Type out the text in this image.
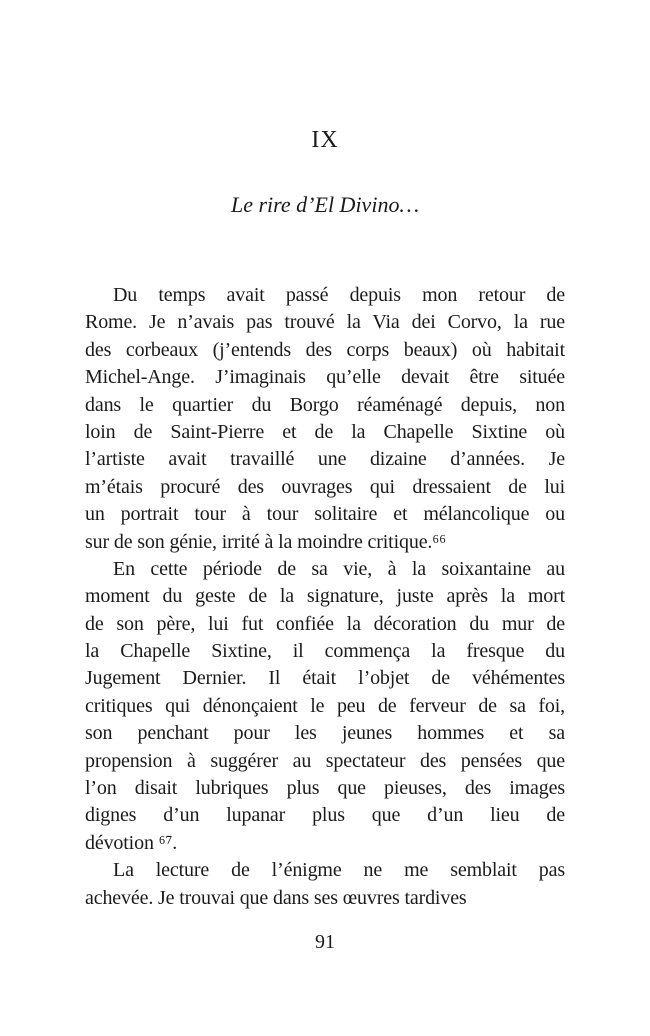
IX
Le rire d’El Divino…
Du temps avait passé depuis mon retour de
Rome. Je n’avais pas trouvé la Via dei Corvo, la rue
des corbeaux (j’entends des corps beaux) où habitait
Michel-Ange. J’imaginais qu’elle devait être située
dans le quartier du Borgo réaménagé depuis, non
loin de Saint-Pierre et de la Chapelle Sixtine où
l’artiste avait travaillé une dizaine d’années. Je
m’étais procuré des ouvrages qui dressaient de lui
un portrait tour à tour solitaire et mélancolique ou
sur de son génie, irrité à la moindre critique.⁶⁶
En cette période de sa vie, à la soixantaine au
moment du geste de la signature, juste après la mort
de son père, lui fut confiée la décoration du mur de
la Chapelle Sixtine, il commença la fresque du
Jugement Dernier. Il était l’objet de véhémentes
critiques qui dénonçaient le peu de ferveur de sa foi,
son penchant pour les jeunes hommes et sa
propension à suggérer au spectateur des pensées que
l’on disait lubriques plus que pieuses, des images
dignes d’un lupanar plus que d’un lieu de
dévotion ⁶⁷.
La lecture de l’énigme ne me semblait pas
achevée. Je trouvai que dans ses œuvres tardives
91
